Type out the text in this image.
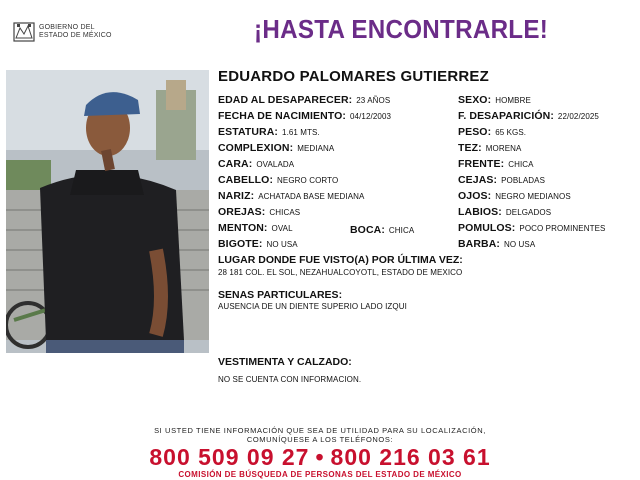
GOBIERNO DEL
ESTADO DE MÉXICO	¡HASTA ENCONTRARLE!
EDUARDO PALOMARES GUTIERREZ
EDAD AL DESAPARECER: 23 AÑOS	SEXO: HOMBRE
FECHA DE NACIMIENTO: 04/12/2003	F. DESAPARICIÓN: 22/02/2025
ESTATURA: 1.61 MTS.	PESO: 65 KGS.
COMPLEXION: MEDIANA	TEZ: MORENA
CARA: OVALADA	FRENTE: CHICA
CABELLO: NEGRO CORTO	CEJAS: POBLADAS
NARIZ: ACHATADA BASE MEDIANA	OJOS: NEGRO MEDIANOS
OREJAS: CHICAS	LABIOS: DELGADOS
MENTON: OVAL	BOCA: CHICA	POMULOS: POCO PROMINENTES
BIGOTE: NO USA	BARBA: NO USA
LUGAR DONDE FUE VISTO(A) POR ÚLTIMA VEZ:
28 181 COL. EL SOL, NEZAHUALCOYOTL, ESTADO DE MEXICO
SENAS PARTICULARES:
AUSENCIA DE UN DIENTE SUPERIO LADO IZQUI
VESTIMENTA Y CALZADO:
NO SE CUENTA CON INFORMACION.
SI USTED TIENE INFORMACIÓN QUE SEA DE UTILIDAD PARA SU LOCALIZACIÓN,
COMUNÍQUESE A LOS TELÉFONOS:
800 509 09 27 • 800 216 03 61
COMISIÓN DE BÚSQUEDA DE PERSONAS DEL ESTADO DE MÉXICO
